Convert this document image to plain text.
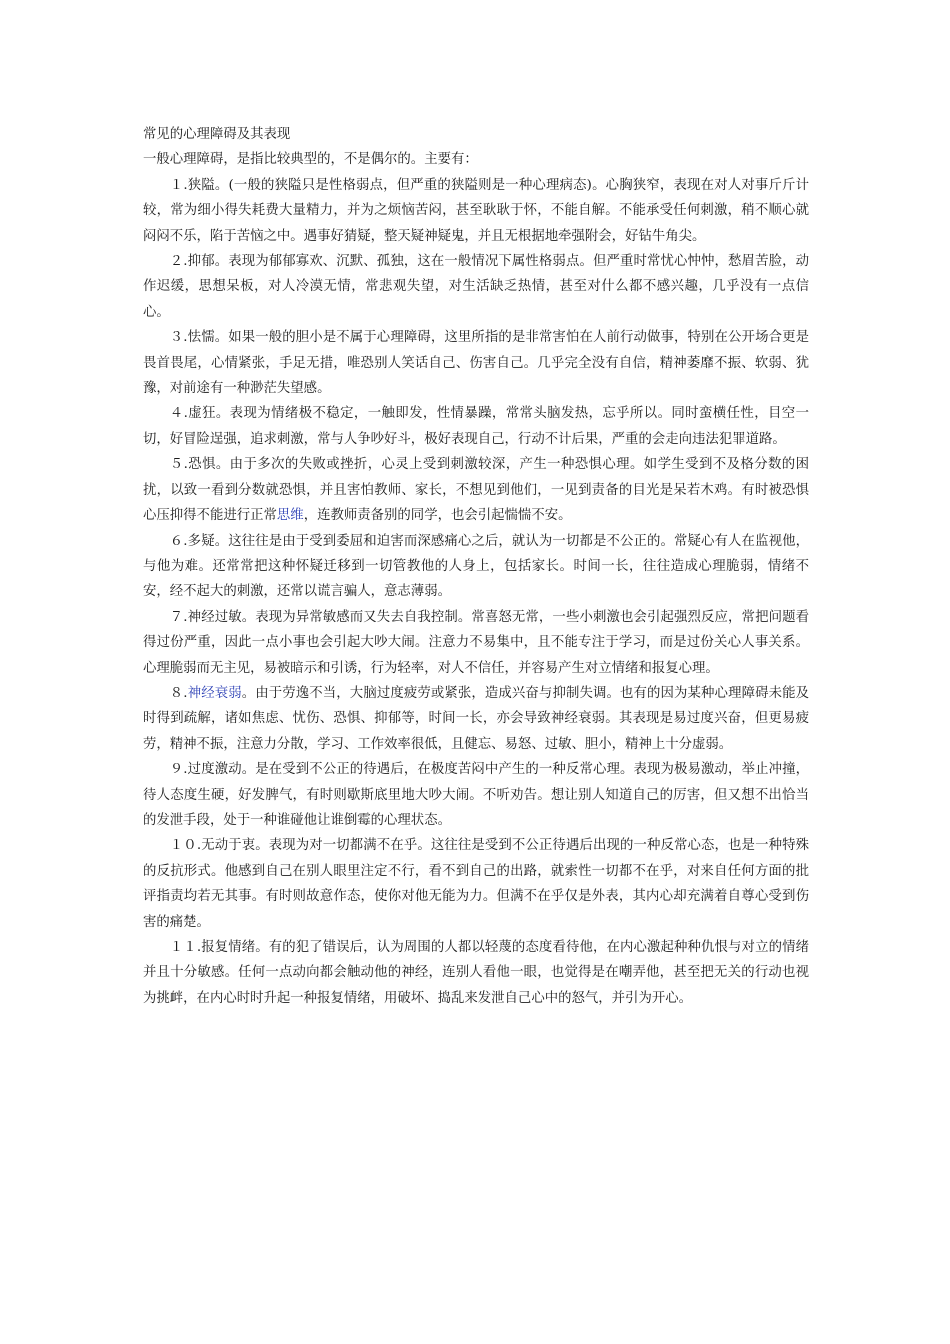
常见的心理障碍及其表现

一般心理障碍，是指比较典型的，不是偶尔的。主要有：

１.狭隘。(一般的狭隘只是性格弱点，但严重的狭隘则是一种心理病态)。心胸狭窄，表现在对人对事斤斤计较，常为细小得失耗费大量精力，并为之烦恼苦闷，甚至耿耿于怀，不能自解。不能承受任何刺激，稍不顺心就闷闷不乐，陷于苦恼之中。遇事好猜疑，整天疑神疑鬼，并且无根据地牵强附会，好钻牛角尖。

２.抑郁。表现为郁郁寡欢、沉默、孤独，这在一般情况下属性格弱点。但严重时常忧心忡忡，愁眉苦脸，动作迟缓，思想呆板，对人冷漠无情，常悲观失望，对生活缺乏热情，甚至对什么都不感兴趣，几乎没有一点信心。

３.怯懦。如果一般的胆小是不属于心理障碍，这里所指的是非常害怕在人前行动做事，特别在公开场合更是畏首畏尾，心情紧张，手足无措，唯恐别人笑话自己、伤害自己。几乎完全没有自信，精神萎靡不振、软弱、犹豫，对前途有一种渺茫失望感。

４.虚狂。表现为情绪极不稳定，一触即发，性情暴躁，常常头脑发热，忘乎所以。同时蛮横任性，目空一切，好冒险逞强，追求刺激，常与人争吵好斗，极好表现自己，行动不计后果，严重的会走向违法犯罪道路。

５.恐惧。由于多次的失败或挫折，心灵上受到刺激较深，产生一种恐惧心理。如学生受到不及格分数的困扰，以致一看到分数就恐惧，并且害怕教师、家长，不想见到他们，一见到责备的目光是呆若木鸡。有时被恐惧心压抑得不能进行正常思维，连教师责备别的同学，也会引起惴惴不安。

６.多疑。这往往是由于受到委屈和迫害而深感痛心之后，就认为一切都是不公正的。常疑心有人在监视他，与他为难。还常常把这种怀疑迁移到一切管教他的人身上，包括家长。时间一长，往往造成心理脆弱，情绪不安，经不起大的刺激，还常以谎言骗人，意志薄弱。

７.神经过敏。表现为异常敏感而又失去自我控制。常喜怒无常，一些小刺激也会引起强烈反应，常把问题看得过份严重，因此一点小事也会引起大吵大闹。注意力不易集中，且不能专注于学习，而是过份关心人事关系。心理脆弱而无主见，易被暗示和引诱，行为轻率，对人不信任，并容易产生对立情绪和报复心理。

８.神经衰弱。由于劳逸不当，大脑过度疲劳或紧张，造成兴奋与抑制失调。也有的因为某种心理障碍未能及时得到疏解，诸如焦虑、忧伤、恐惧、抑郁等，时间一长，亦会导致神经衰弱。其表现是易过度兴奋，但更易疲劳，精神不振，注意力分散，学习、工作效率很低，且健忘、易怒、过敏、胆小，精神上十分虚弱。

９.过度激动。是在受到不公正的待遇后，在极度苦闷中产生的一种反常心理。表现为极易激动，举止冲撞，待人态度生硬，好发脾气，有时则歇斯底里地大吵大闹。不听劝告。想让别人知道自己的厉害，但又想不出恰当的发泄手段，处于一种谁碰他让谁倒霉的心理状态。

１０.无动于衷。表现为对一切都满不在乎。这往往是受到不公正待遇后出现的一种反常心态，也是一种特殊的反抗形式。他感到自己在别人眼里注定不行，看不到自己的出路，就索性一切都不在乎，对来自任何方面的批评指责均若无其事。有时则故意作态，使你对他无能为力。但满不在乎仅是外表，其内心却充满着自尊心受到伤害的痛楚。

１１.报复情绪。有的犯了错误后，认为周围的人都以轻蔑的态度看待他，在内心激起种种仇恨与对立的情绪并且十分敏感。任何一点动向都会触动他的神经，连别人看他一眼，也觉得是在嘲弄他，甚至把无关的行动也视为挑衅，在内心时时升起一种报复情绪，用破坏、捣乱来发泄自己心中的怒气，并引为开心。
